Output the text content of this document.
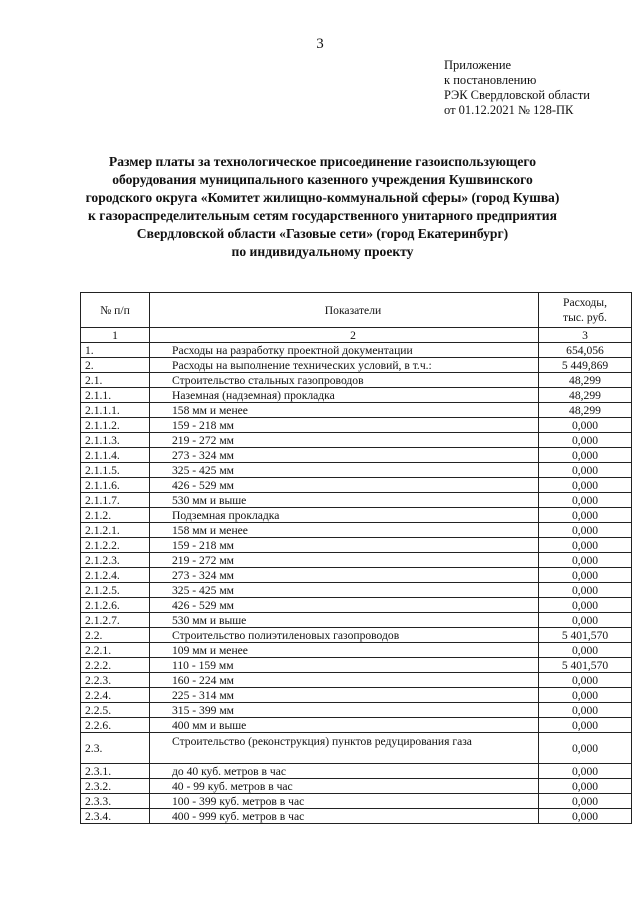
3
Приложение
к постановлению
РЭК Свердловской области
от 01.12.2021 № 128-ПК
Размер платы за технологическое присоединение газоиспользующего
оборудования муниципального казенного учреждения Кушвинского
городского округа «Комитет жилищно-коммунальной сферы» (город Кушва)
к газораспределительным сетям государственного унитарного предприятия
Свердловской области «Газовые сети» (город Екатеринбург)
по индивидуальному проекту
№ п/п	Показатели	Расходы,
тыс. руб.

1	2	3
1.	Расходы на разработку проектной документации	654,056
2.	Расходы на выполнение технических условий, в т.ч.:	5 449,869
2.1.	Строительство стальных газопроводов	48,299
2.1.1.	Наземная (надземная) прокладка	48,299
2.1.1.1.	158 мм и менее	48,299
2.1.1.2.	159 - 218 мм	0,000
2.1.1.3.	219 - 272 мм	0,000
2.1.1.4.	273 - 324 мм	0,000
2.1.1.5.	325 - 425 мм	0,000
2.1.1.6.	426 - 529 мм	0,000
2.1.1.7.	530 мм и выше	0,000
2.1.2.	Подземная прокладка	0,000
2.1.2.1.	158 мм и менее	0,000
2.1.2.2.	159 - 218 мм	0,000
2.1.2.3.	219 - 272 мм	0,000
2.1.2.4.	273 - 324 мм	0,000
2.1.2.5.	325 - 425 мм	0,000
2.1.2.6.	426 - 529 мм	0,000
2.1.2.7.	530 мм и выше	0,000
2.2.	Строительство полиэтиленовых газопроводов	5 401,570
2.2.1.	109 мм и менее	0,000
2.2.2.	110 - 159 мм	5 401,570
2.2.3.	160 - 224 мм	0,000
2.2.4.	225 - 314 мм	0,000
2.2.5.	315 - 399 мм	0,000
2.2.6.	400 мм и выше	0,000
2.3.	Строительство (реконструкция) пунктов редуцирования газа	0,000
2.3.1.	до 40 куб. метров в час	0,000
2.3.2.	40 - 99 куб. метров в час	0,000
2.3.3.	100 - 399 куб. метров в час	0,000
2.3.4.	400 - 999 куб. метров в час	0,000
